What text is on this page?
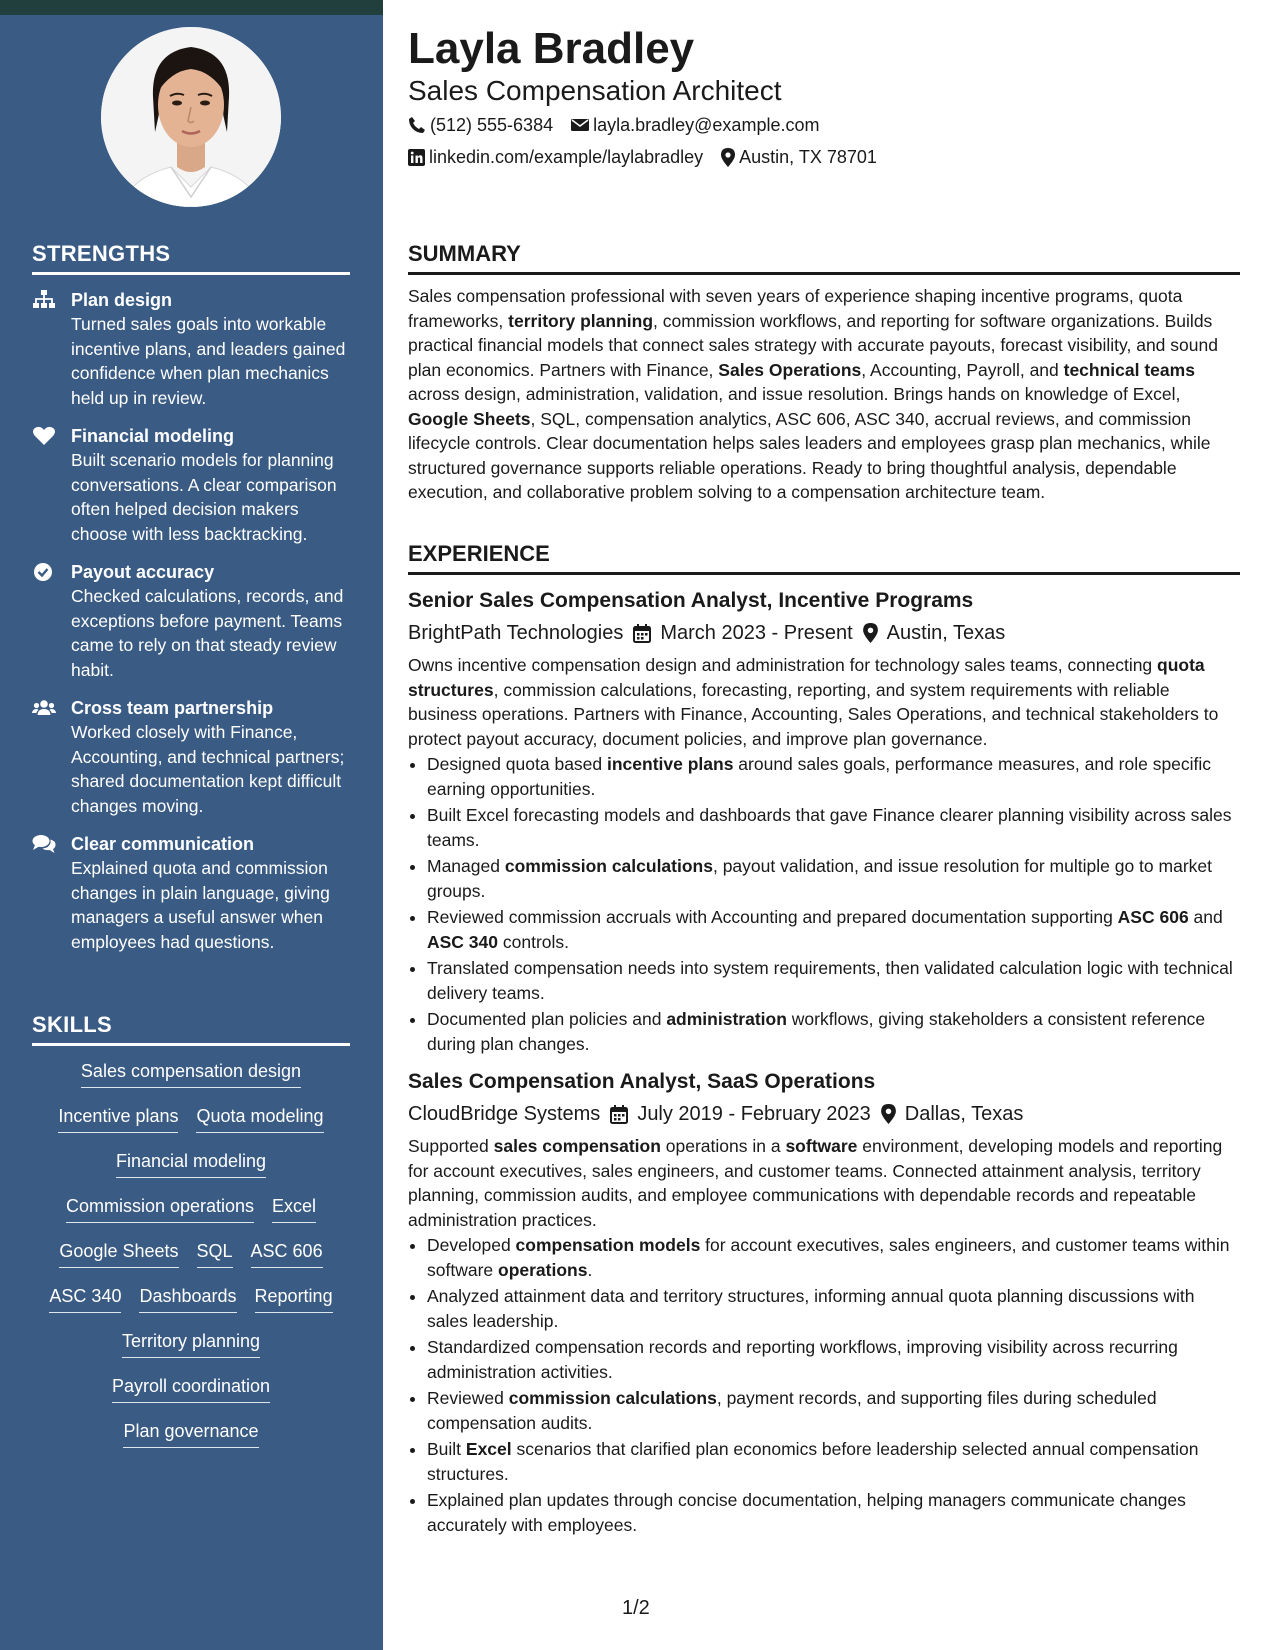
STRENGTHS
Plan design
Turned sales goals into workable incentive plans, and leaders gained confidence when plan mechanics held up in review.
Financial modeling
Built scenario models for planning conversations. A clear comparison often helped decision makers choose with less backtracking.
Payout accuracy
Checked calculations, records, and exceptions before payment. Teams came to rely on that steady review habit.
Cross team partnership
Worked closely with Finance, Accounting, and technical partners; shared documentation kept difficult changes moving.
Clear communication
Explained quota and commission changes in plain language, giving managers a useful answer when employees had questions.
SKILLS
Sales compensation design
Incentive plans Quota modeling
Financial modeling
Commission operations Excel
Google Sheets SQL ASC 606
ASC 340 Dashboards Reporting
Territory planning
Payroll coordination
Plan governance
Layla Bradley
Sales Compensation Architect
(512) 555-6384 layla.bradley@example.com
linkedin.com/example/laylabradley Austin, TX 78701
SUMMARY

Sales compensation professional with seven years of experience shaping incentive programs, quota frameworks, territory planning, commission workflows, and reporting for software organizations. Builds practical financial models that connect sales strategy with accurate payouts, forecast visibility, and sound plan economics. Partners with Finance, Sales Operations, Accounting, Payroll, and technical teams across design, administration, validation, and issue resolution. Brings hands on knowledge of Excel, Google Sheets, SQL, compensation analytics, ASC 606, ASC 340, accrual reviews, and commission lifecycle controls. Clear documentation helps sales leaders and employees grasp plan mechanics, while structured governance supports reliable operations. Ready to bring thoughtful analysis, dependable execution, and collaborative problem solving to a compensation architecture team.

EXPERIENCE
Senior Sales Compensation Analyst, Incentive Programs
BrightPath Technologies March 2023 - Present Austin, Texas

Owns incentive compensation design and administration for technology sales teams, connecting quota structures, commission calculations, forecasting, reporting, and system requirements with reliable business operations. Partners with Finance, Accounting, Sales Operations, and technical stakeholders to protect payout accuracy, document policies, and improve plan governance.

• Designed quota based incentive plans around sales goals, performance measures, and role specific earning opportunities.
• Built Excel forecasting models and dashboards that gave Finance clearer planning visibility across sales teams.
• Managed commission calculations, payout validation, and issue resolution for multiple go to market groups.
• Reviewed commission accruals with Accounting and prepared documentation supporting ASC 606 and ASC 340 controls.
• Translated compensation needs into system requirements, then validated calculation logic with technical delivery teams.
• Documented plan policies and administration workflows, giving stakeholders a consistent reference during plan changes.
Sales Compensation Analyst, SaaS Operations
CloudBridge Systems July 2019 - February 2023 Dallas, Texas

Supported sales compensation operations in a software environment, developing models and reporting for account executives, sales engineers, and customer teams. Connected attainment analysis, territory planning, commission audits, and employee communications with dependable records and repeatable administration practices.

• Developed compensation models for account executives, sales engineers, and customer teams within software operations.
• Analyzed attainment data and territory structures, informing annual quota planning discussions with sales leadership.
• Standardized compensation records and reporting workflows, improving visibility across recurring administration activities.
• Reviewed commission calculations, payment records, and supporting files during scheduled compensation audits.
• Built Excel scenarios that clarified plan economics before leadership selected annual compensation structures.
• Explained plan updates through concise documentation, helping managers communicate changes accurately with employees.
1/2
